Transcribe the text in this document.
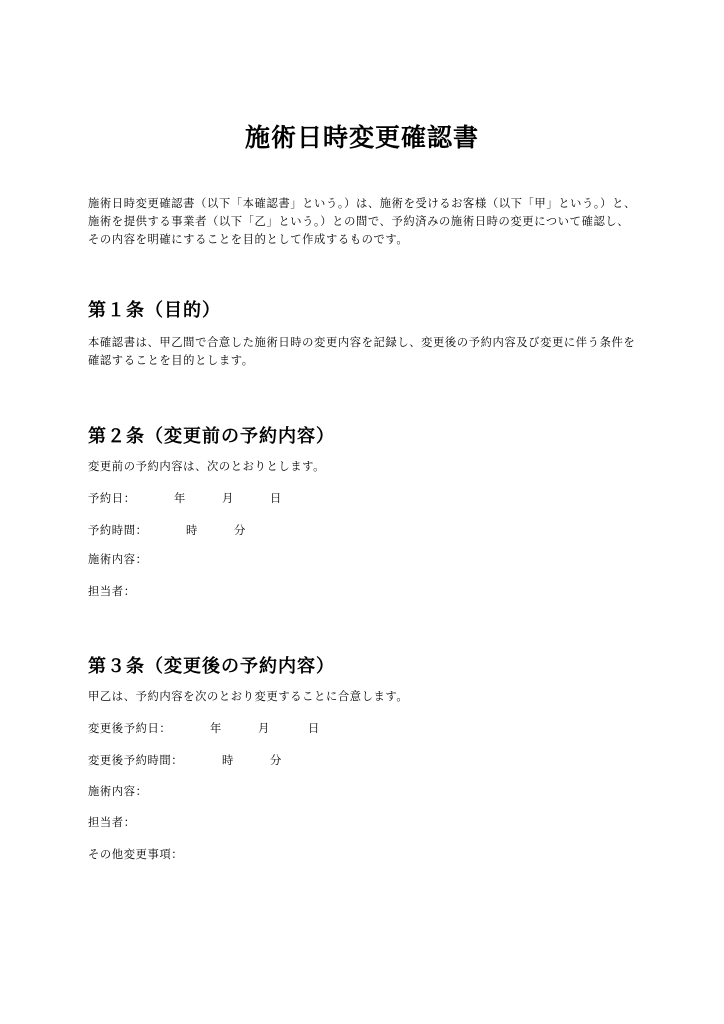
施術日時変更確認書
施術日時変更確認書（以下「本確認書」という。）は、施術を受けるお客様（以下「甲」という。）と、施術を提供する事業者（以下「乙」という。）との間で、予約済みの施術日時の変更について確認し、その内容を明確にすることを目的として作成するものです。
第１条（目的）
本確認書は、甲乙間で合意した施術日時の変更内容を記録し、変更後の予約内容及び変更に伴う条件を確認することを目的とします。
第２条（変更前の予約内容）
変更前の予約内容は、次のとおりとします。
予約日：	年	月	日
予約時間：	時	分
施術内容：
担当者：
第３条（変更後の予約内容）
甲乙は、予約内容を次のとおり変更することに合意します。
変更後予約日：	年	月	日
変更後予約時間：	時	分
施術内容：
担当者：
その他変更事項：
